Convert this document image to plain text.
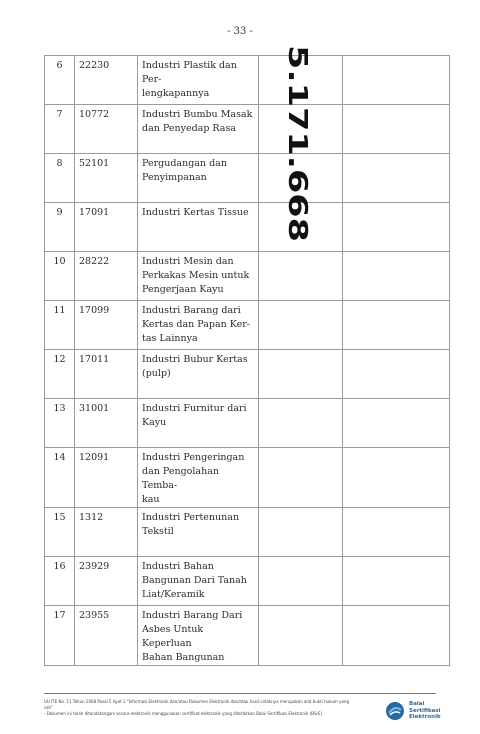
- 33 -
6	22230	Industri Plastik dan Per-
lengkapannya	5.171.668	

7	10772	Industri Bumbu Masak
dan Penyedap Rasa		
8	52101	Pergudangan dan
Penyimpanan		
9	17091	Industri Kertas Tissue		
10	28222	Industri Mesin dan
Perkakas Mesin untuk
Pengerjaan Kayu		
11	17099	Industri Barang dari
Kertas dan Papan Ker-
tas Lainnya		
12	17011	Industri Bubur Kertas
(pulp)		
13	31001	Industri Furnitur dari
Kayu		
14	12091	Industri Pengeringan
dan Pengolahan Temba-
kau		
15	1312	Industri Pertenunan
Tekstil		
16	23929	Industri Bahan
Bangunan Dari Tanah
Liat/Keramik		
17	23955	Industri Barang Dari
Asbes Untuk Keperluan
Bahan Bangunan		
UU ITE No. 11 Tahun 2008 Pasal 5 Ayat 1 "Informasi Elektronik dan/atau Dokumen Elektronik dan/atau hasil cetaknya merupakan alat bukti hukum yang sah"
- Dokumen ini telah ditandatangani secara elektronik menggunakan sertifikat elektronik yang diterbitkan Balai Sertifikasi Elektronik (BSrE)
Balai
Sertifikasi
Elektronik
